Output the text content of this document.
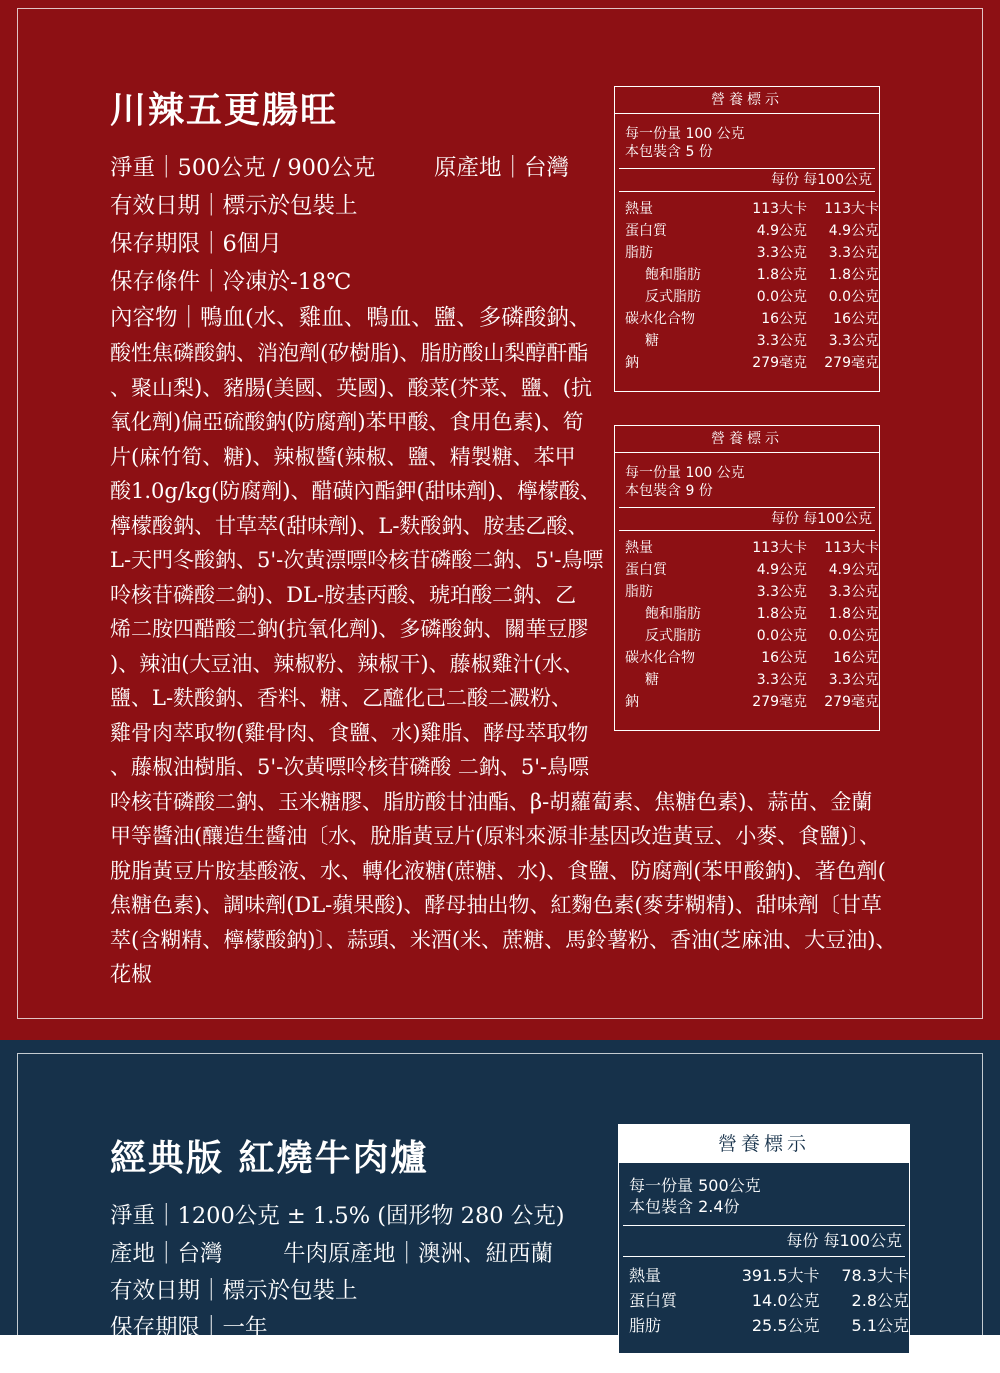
川辣五更腸旺
淨重｜500公克 / 900公克	原產地｜台灣
有效日期｜標示於包裝上
保存期限｜6個月
保存條件｜冷凍於-18℃
內容物｜鴨血(水、雞血、鴨血、鹽、多磷酸鈉、
酸性焦磷酸鈉、消泡劑(矽樹脂)、脂肪酸山梨醇酐酯
、聚山梨)、豬腸(美國、英國)、酸菜(芥菜、鹽、(抗
氧化劑)偏亞硫酸鈉(防腐劑)苯甲酸、食用色素)、筍
片(麻竹筍、糖)、辣椒醬(辣椒、鹽、精製糖、苯甲
酸1.0g/kg(防腐劑)、醋磺內酯鉀(甜味劑)、檸檬酸、
檸檬酸鈉、甘草萃(甜味劑)、L-麩酸鈉、胺基乙酸、
L-天門冬酸鈉、5'-次黃漂嘌呤核苷磷酸二鈉、5'-鳥嘌
呤核苷磷酸二鈉)、DL-胺基丙酸、琥珀酸二鈉、乙
烯二胺四醋酸二鈉(抗氧化劑)、多磷酸鈉、關華豆膠
)、辣油(大豆油、辣椒粉、辣椒干)、藤椒雞汁(水、
鹽、L-麩酸鈉、香料、糖、乙醯化己二酸二澱粉、
雞骨肉萃取物(雞骨肉、食鹽、水)雞脂、酵母萃取物
、藤椒油樹脂、5'-次黃嘌呤核苷磷酸 二鈉、5'-鳥嘌
呤核苷磷酸二鈉、玉米糖膠、脂肪酸甘油酯、β-胡蘿蔔素、焦糖色素)、蒜苗、金蘭
甲等醬油(釀造生醬油〔水、脫脂黃豆片(原料來源非基因改造黃豆、小麥、食鹽)〕、
脫脂黃豆片胺基酸液、水、轉化液糖(蔗糖、水)、食鹽、防腐劑(苯甲酸鈉)、著色劑(
焦糖色素)、調味劑(DL-蘋果酸)、酵母抽出物、紅麴色素(麥芽糊精)、甜味劑〔甘草
萃(含糊精、檸檬酸鈉)〕、蒜頭、米酒(米、蔗糖、馬鈴薯粉、香油(芝麻油、大豆油)、
花椒
營養標示
每一份量 100 公克
本包裝含 5 份
每份 每100公克
熱量	113大卡	113大卡
蛋白質	4.9公克	4.9公克
脂肪	3.3公克	3.3公克
飽和脂肪	1.8公克	1.8公克
反式脂肪	0.0公克	0.0公克
碳水化合物	16公克	16公克
糖	3.3公克	3.3公克
鈉	279毫克	279毫克
營養標示
每一份量 100 公克
本包裝含 9 份
每份 每100公克
熱量	113大卡	113大卡
蛋白質	4.9公克	4.9公克
脂肪	3.3公克	3.3公克
飽和脂肪	1.8公克	1.8公克
反式脂肪	0.0公克	0.0公克
碳水化合物	16公克	16公克
糖	3.3公克	3.3公克
鈉	279毫克	279毫克
經典版 紅燒牛肉爐
淨重｜1200公克 ± 1.5% (固形物 280 公克)
產地｜台灣	牛肉原產地｜澳洲、紐西蘭
有效日期｜標示於包裝上
保存期限｜一年
營養標示
每一份量 500公克
本包裝含 2.4份
每份 每100公克
熱量	391.5大卡	78.3大卡
蛋白質	14.0公克	2.8公克
脂肪	25.5公克	5.1公克
